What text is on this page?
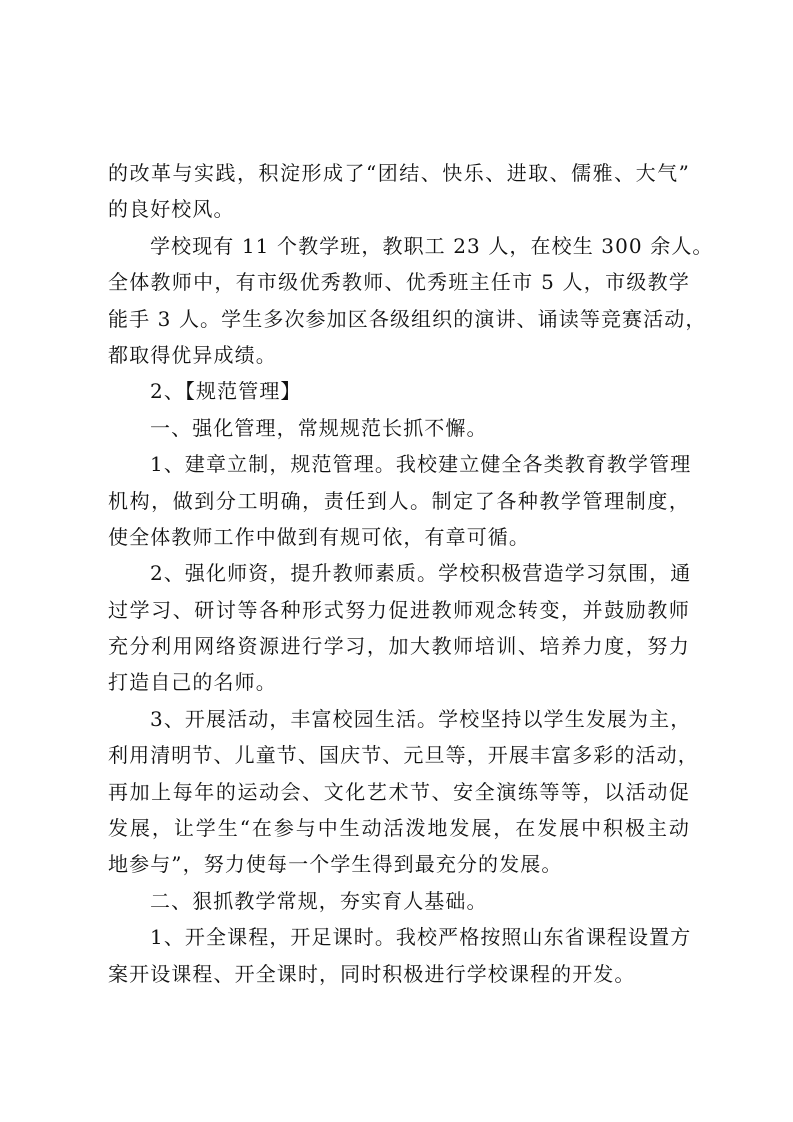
的改革与实践，积淀形成了“团结、快乐、进取、儒雅、大气”
的良好校风。

学校现有 11 个教学班，教职工 23 人，在校生 300 余人。
全体教师中，有市级优秀教师、优秀班主任市 5 人，市级教学
能手 3 人。学生多次参加区各级组织的演讲、诵读等竞赛活动，
都取得优异成绩。

2、【规范管理】

一、强化管理，常规规范长抓不懈。

1、建章立制，规范管理。我校建立健全各类教育教学管理
机构，做到分工明确，责任到人。制定了各种教学管理制度，
使全体教师工作中做到有规可依，有章可循。

2、强化师资，提升教师素质。学校积极营造学习氛围，通
过学习、研讨等各种形式努力促进教师观念转变，并鼓励教师
充分利用网络资源进行学习，加大教师培训、培养力度，努力
打造自己的名师。

3、开展活动，丰富校园生活。学校坚持以学生发展为主，
利用清明节、儿童节、国庆节、元旦等，开展丰富多彩的活动，
再加上每年的运动会、文化艺术节、安全演练等等，以活动促
发展，让学生“在参与中生动活泼地发展，在发展中积极主动
地参与”，努力使每一个学生得到最充分的发展。

二、狠抓教学常规，夯实育人基础。

1、开全课程，开足课时。我校严格按照山东省课程设置方
案开设课程、开全课时，同时积极进行学校课程的开发。
